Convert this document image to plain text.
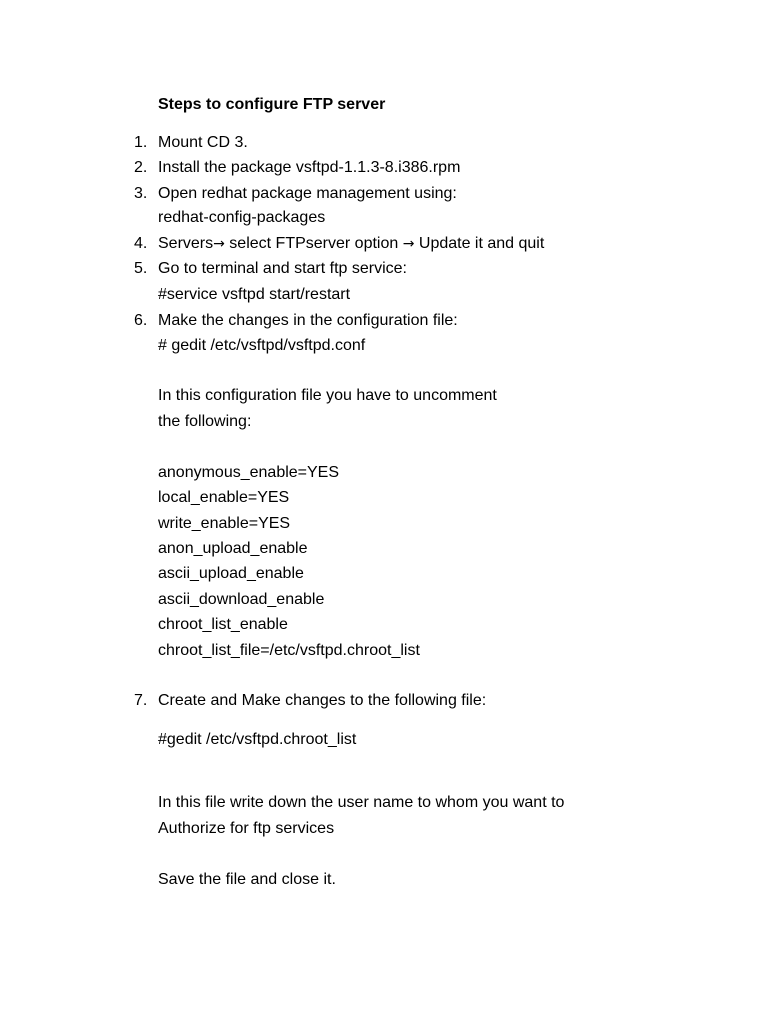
Steps to configure FTP server
1. Mount CD 3.
2. Install the package vsftpd-1.1.3-8.i386.rpm
3. Open redhat package management using:
redhat-config-packages
4. Servers→ select FTPserver option → Update it and quit
5. Go to terminal and start ftp service:
#service vsftpd start/restart
6. Make the changes in the configuration file:
# gedit /etc/vsftpd/vsftpd.conf
In this configuration file you have to uncomment
the following:
anonymous_enable=YES
local_enable=YES
write_enable=YES
anon_upload_enable
ascii_upload_enable
ascii_download_enable
chroot_list_enable
chroot_list_file=/etc/vsftpd.chroot_list
7. Create and Make changes to the following file:
#gedit /etc/vsftpd.chroot_list
In this file write down the user name to whom you want to
Authorize for ftp services
Save the file and close it.
